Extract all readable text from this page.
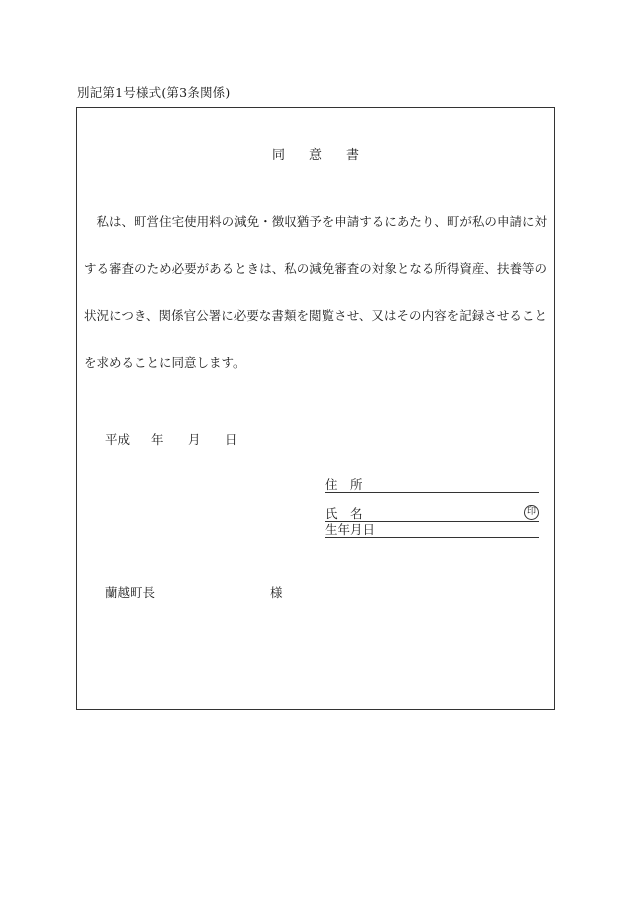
別記第1号様式(第3条関係)
同意書
私は、町営住宅使用料の減免・徴収猶予を申請するにあたり、町が私の申請に対する審査のため必要があるときは、私の減免審査の対象となる所得資産、扶養等の状況につき、関係官公署に必要な書類を閲覧させ、又はその内容を記録させることを求めることに同意します。
平成 年 月 日
住　所
氏　名	印
生年月日
蘭越町長	様
